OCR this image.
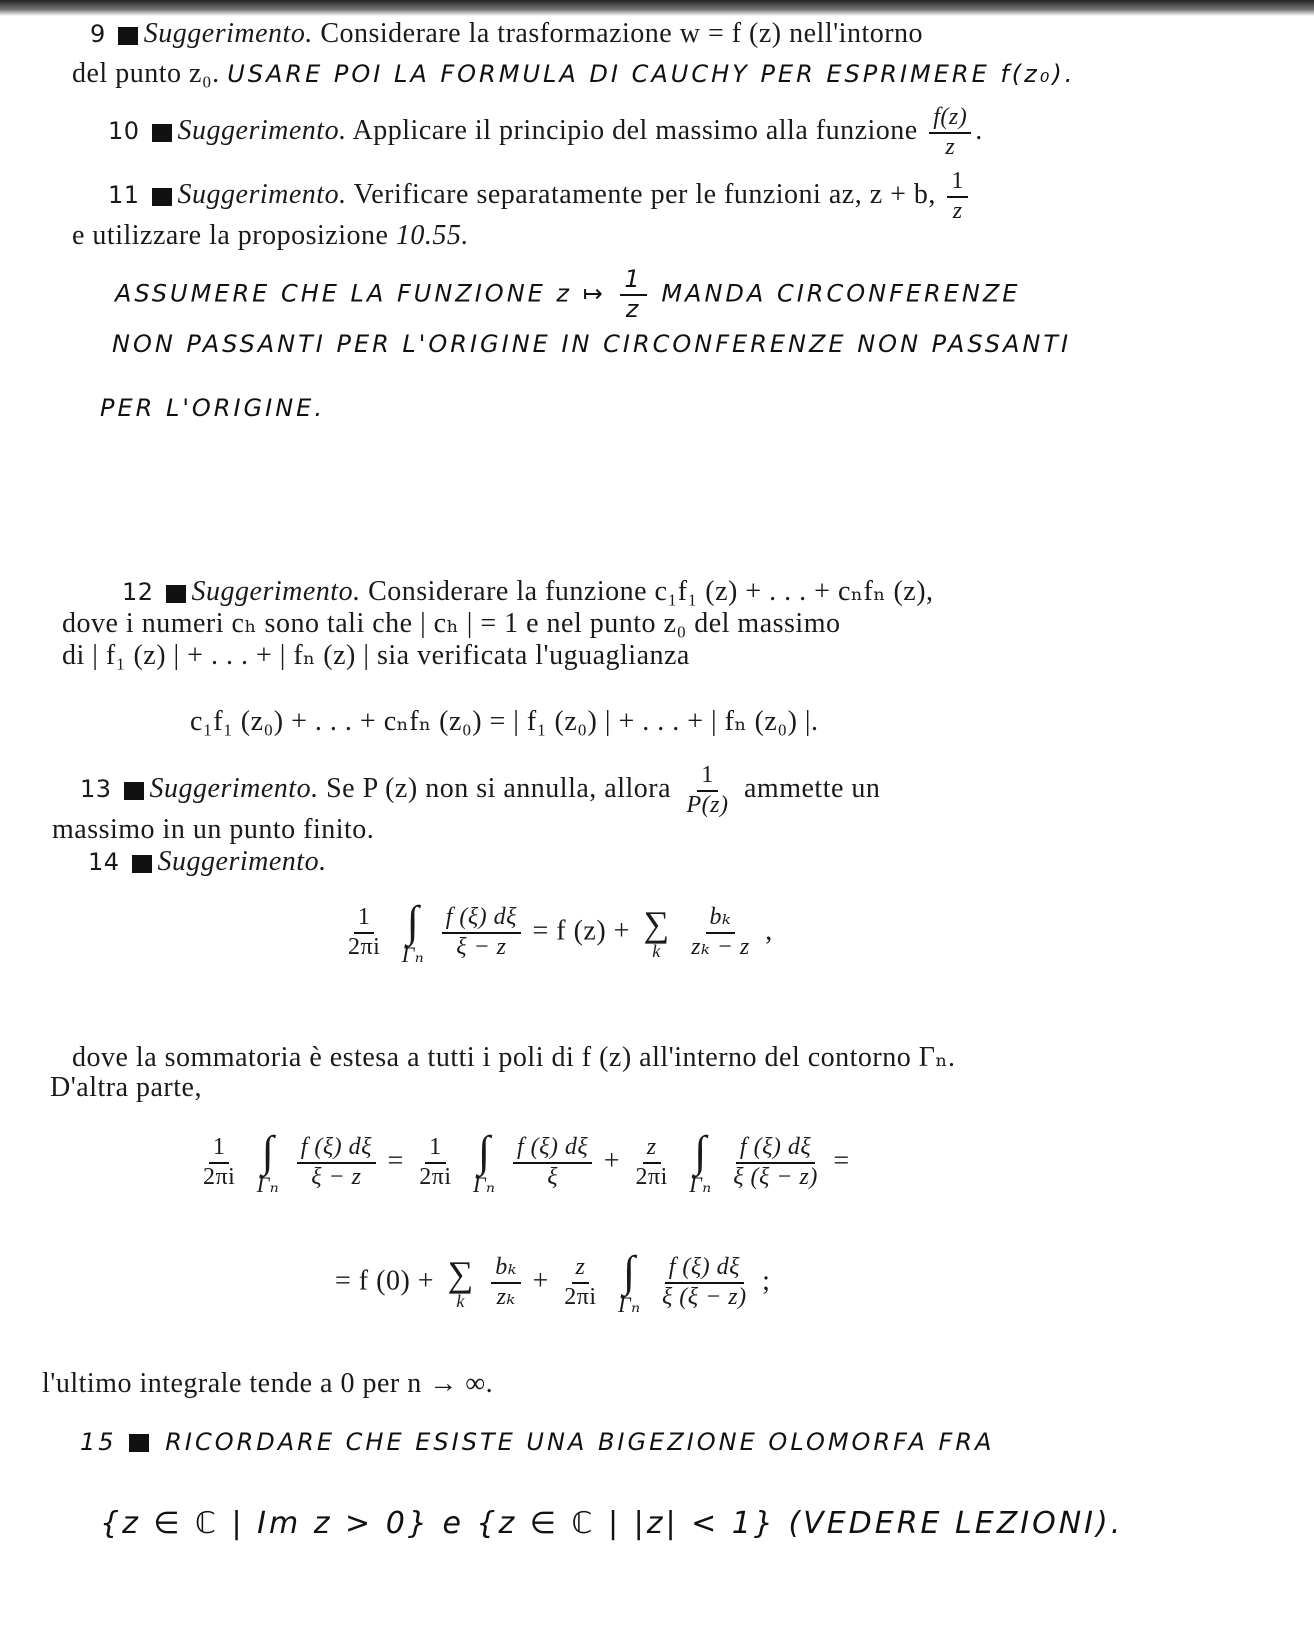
9 Suggerimento. Considerare la trasformazione w = f (z) nell'intorno
del punto z₀. USARE POI LA FORMULA DI CAUCHY PER ESPRIMERE f(z₀).
10 Suggerimento. Applicare il principio del massimo alla funzione $\frac{f(z)}{z}$ .
11 Suggerimento. Verificare separatamente per le funzioni az, z + b, $\frac{1}{z}$
e utilizzare la proposizione 10.55.
ASSUMERE CHE LA FUNZIONE z ↦ $\frac{1}{z}$ MANDA CIRCONFERENZE
NON PASSANTI PER L'ORIGINE IN CIRCONFERENZE NON PASSANTI
PER L'ORIGINE.
12 Suggerimento. Considerare la funzione c₁f₁ (z) + . . . + cₙfₙ (z),
dove i numeri cₕ sono tali che | cₕ | = 1 e nel punto z₀ del massimo
di | f₁ (z) | + . . . + | fₙ (z) | sia verificata l'uguaglianza
c₁f₁ (z₀) + . . . + cₙfₙ (z₀) = | f₁ (z₀) | + . . . + | fₙ (z₀) |.
13 Suggerimento. Se P (z) non si annulla, allora $\frac{1}{P(z)}$ ammette un
massimo in un punto finito.
14 Suggerimento.
$\frac{1}{2\pi i}$ ∫
Γₙ
$\frac{f (\xi) d\xi}{\xi - z} = f$ (z) + ∑
k
$\frac{\text{bₖ}}{\text{zₖ − z}}$ ,
dove la sommatoria è estesa a tutti i poli di f (z) all'interno del contorno Γₙ.
D'altra parte,
$\frac{1}{2\pi i}$ ∫
Γₙ
$\frac{f (\xi) d\xi}{\xi - z} = \frac{1}{2\pi i}$ ∫
Γₙ
$\frac{f (\xi) d\xi}{\xi} + \frac{z}{2\pi i}$ ∫
Γₙ
$\frac{f (\xi) d\xi}{\xi (\xi - z)}$ =
= f (0) + ∑
k
$\frac{\text{bₖ}}{\text{zₖ}} + \frac{z}{2\pi i}$ ∫
Γₙ
$\frac{f (\xi) d\xi}{\xi (\xi - z)}$ ;
l'ultimo integrale tende a 0 per n → ∞.
15 RICORDARE CHE ESISTE UNA BIGEZIONE OLOMORFA FRA
{z ∈ ℂ | Im z > 0} e {z ∈ ℂ | |z| < 1} (VEDERE LEZIONI).
